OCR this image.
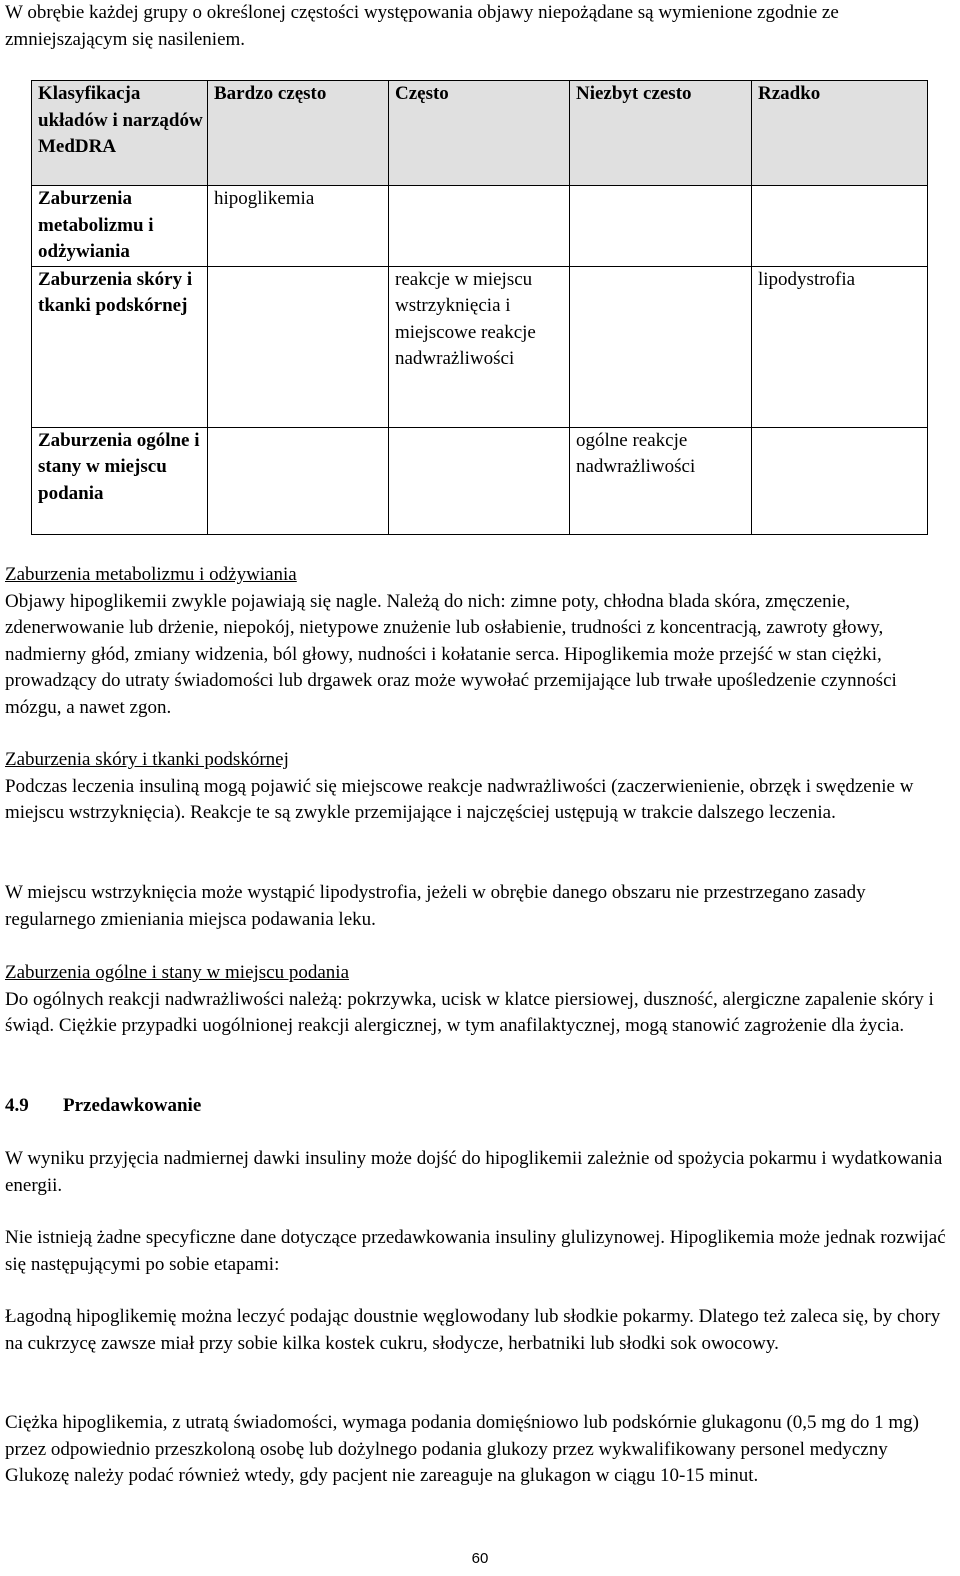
W obrębie każdej grupy o określonej częstości występowania objawy niepożądane są wymienione zgodnie ze zmniejszającym się nasileniem.

Klasyfikacja układów i narządów MedDRA	Bardzo często	Często	Niezbyt czesto	Rzadko
Zaburzenia metabolizmu i odżywiania	hipoglikemia			
Zaburzenia skóry i tkanki podskórnej		reakcje w miejscu wstrzyknięcia i miejscowe reakcje nadwrażliwości		lipodystrofia
Zaburzenia ogólne i stany w miejscu podania			ogólne reakcje nadwrażliwości	

Zaburzenia metabolizmu i odżywiania

Objawy hipoglikemii zwykle pojawiają się nagle. Należą do nich: zimne poty, chłodna blada skóra, zmęczenie, zdenerwowanie lub drżenie, niepokój, nietypowe znużenie lub osłabienie, trudności z koncentracją, zawroty głowy, nadmierny głód, zmiany widzenia, ból głowy, nudności i kołatanie serca. Hipoglikemia może przejść w stan ciężki, prowadzący do utraty świadomości lub drgawek oraz może wywołać przemijające lub trwałe upośledzenie czynności mózgu, a nawet zgon.

Zaburzenia skóry i tkanki podskórnej

Podczas leczenia insuliną mogą pojawić się miejscowe reakcje nadwrażliwości (zaczerwienienie, obrzęk i swędzenie w miejscu wstrzyknięcia). Reakcje te są zwykle przemijające i najczęściej ustępują w trakcie dalszego leczenia.

W miejscu wstrzyknięcia może wystąpić lipodystrofia, jeżeli w obrębie danego obszaru nie przestrzegano zasady regularnego zmieniania miejsca podawania leku.

Zaburzenia ogólne i stany w miejscu podania

Do ogólnych reakcji nadwrażliwości należą: pokrzywka, ucisk w klatce piersiowej, duszność, alergiczne zapalenie skóry i świąd. Ciężkie przypadki uogólnionej reakcji alergicznej, w tym anafilaktycznej, mogą stanowić zagrożenie dla życia.

4.9 Przedawkowanie

W wyniku przyjęcia nadmiernej dawki insuliny może dojść do hipoglikemii zależnie od spożycia pokarmu i wydatkowania energii.

Nie istnieją żadne specyficzne dane dotyczące przedawkowania insuliny glulizynowej. Hipoglikemia może jednak rozwijać się następującymi po sobie etapami:

Łagodną hipoglikemię można leczyć podając doustnie węglowodany lub słodkie pokarmy. Dlatego też zaleca się, by chory na cukrzycę zawsze miał przy sobie kilka kostek cukru, słodycze, herbatniki lub słodki sok owocowy.

Ciężka hipoglikemia, z utratą świadomości, wymaga podania domięśniowo lub podskórnie glukagonu (0,5 mg do 1 mg) przez odpowiednio przeszkoloną osobę lub dożylnego podania glukozy przez wykwalifikowany personel medyczny Glukozę należy podać również wtedy, gdy pacjent nie zareaguje na glukagon w ciągu 10-15 minut.

60
